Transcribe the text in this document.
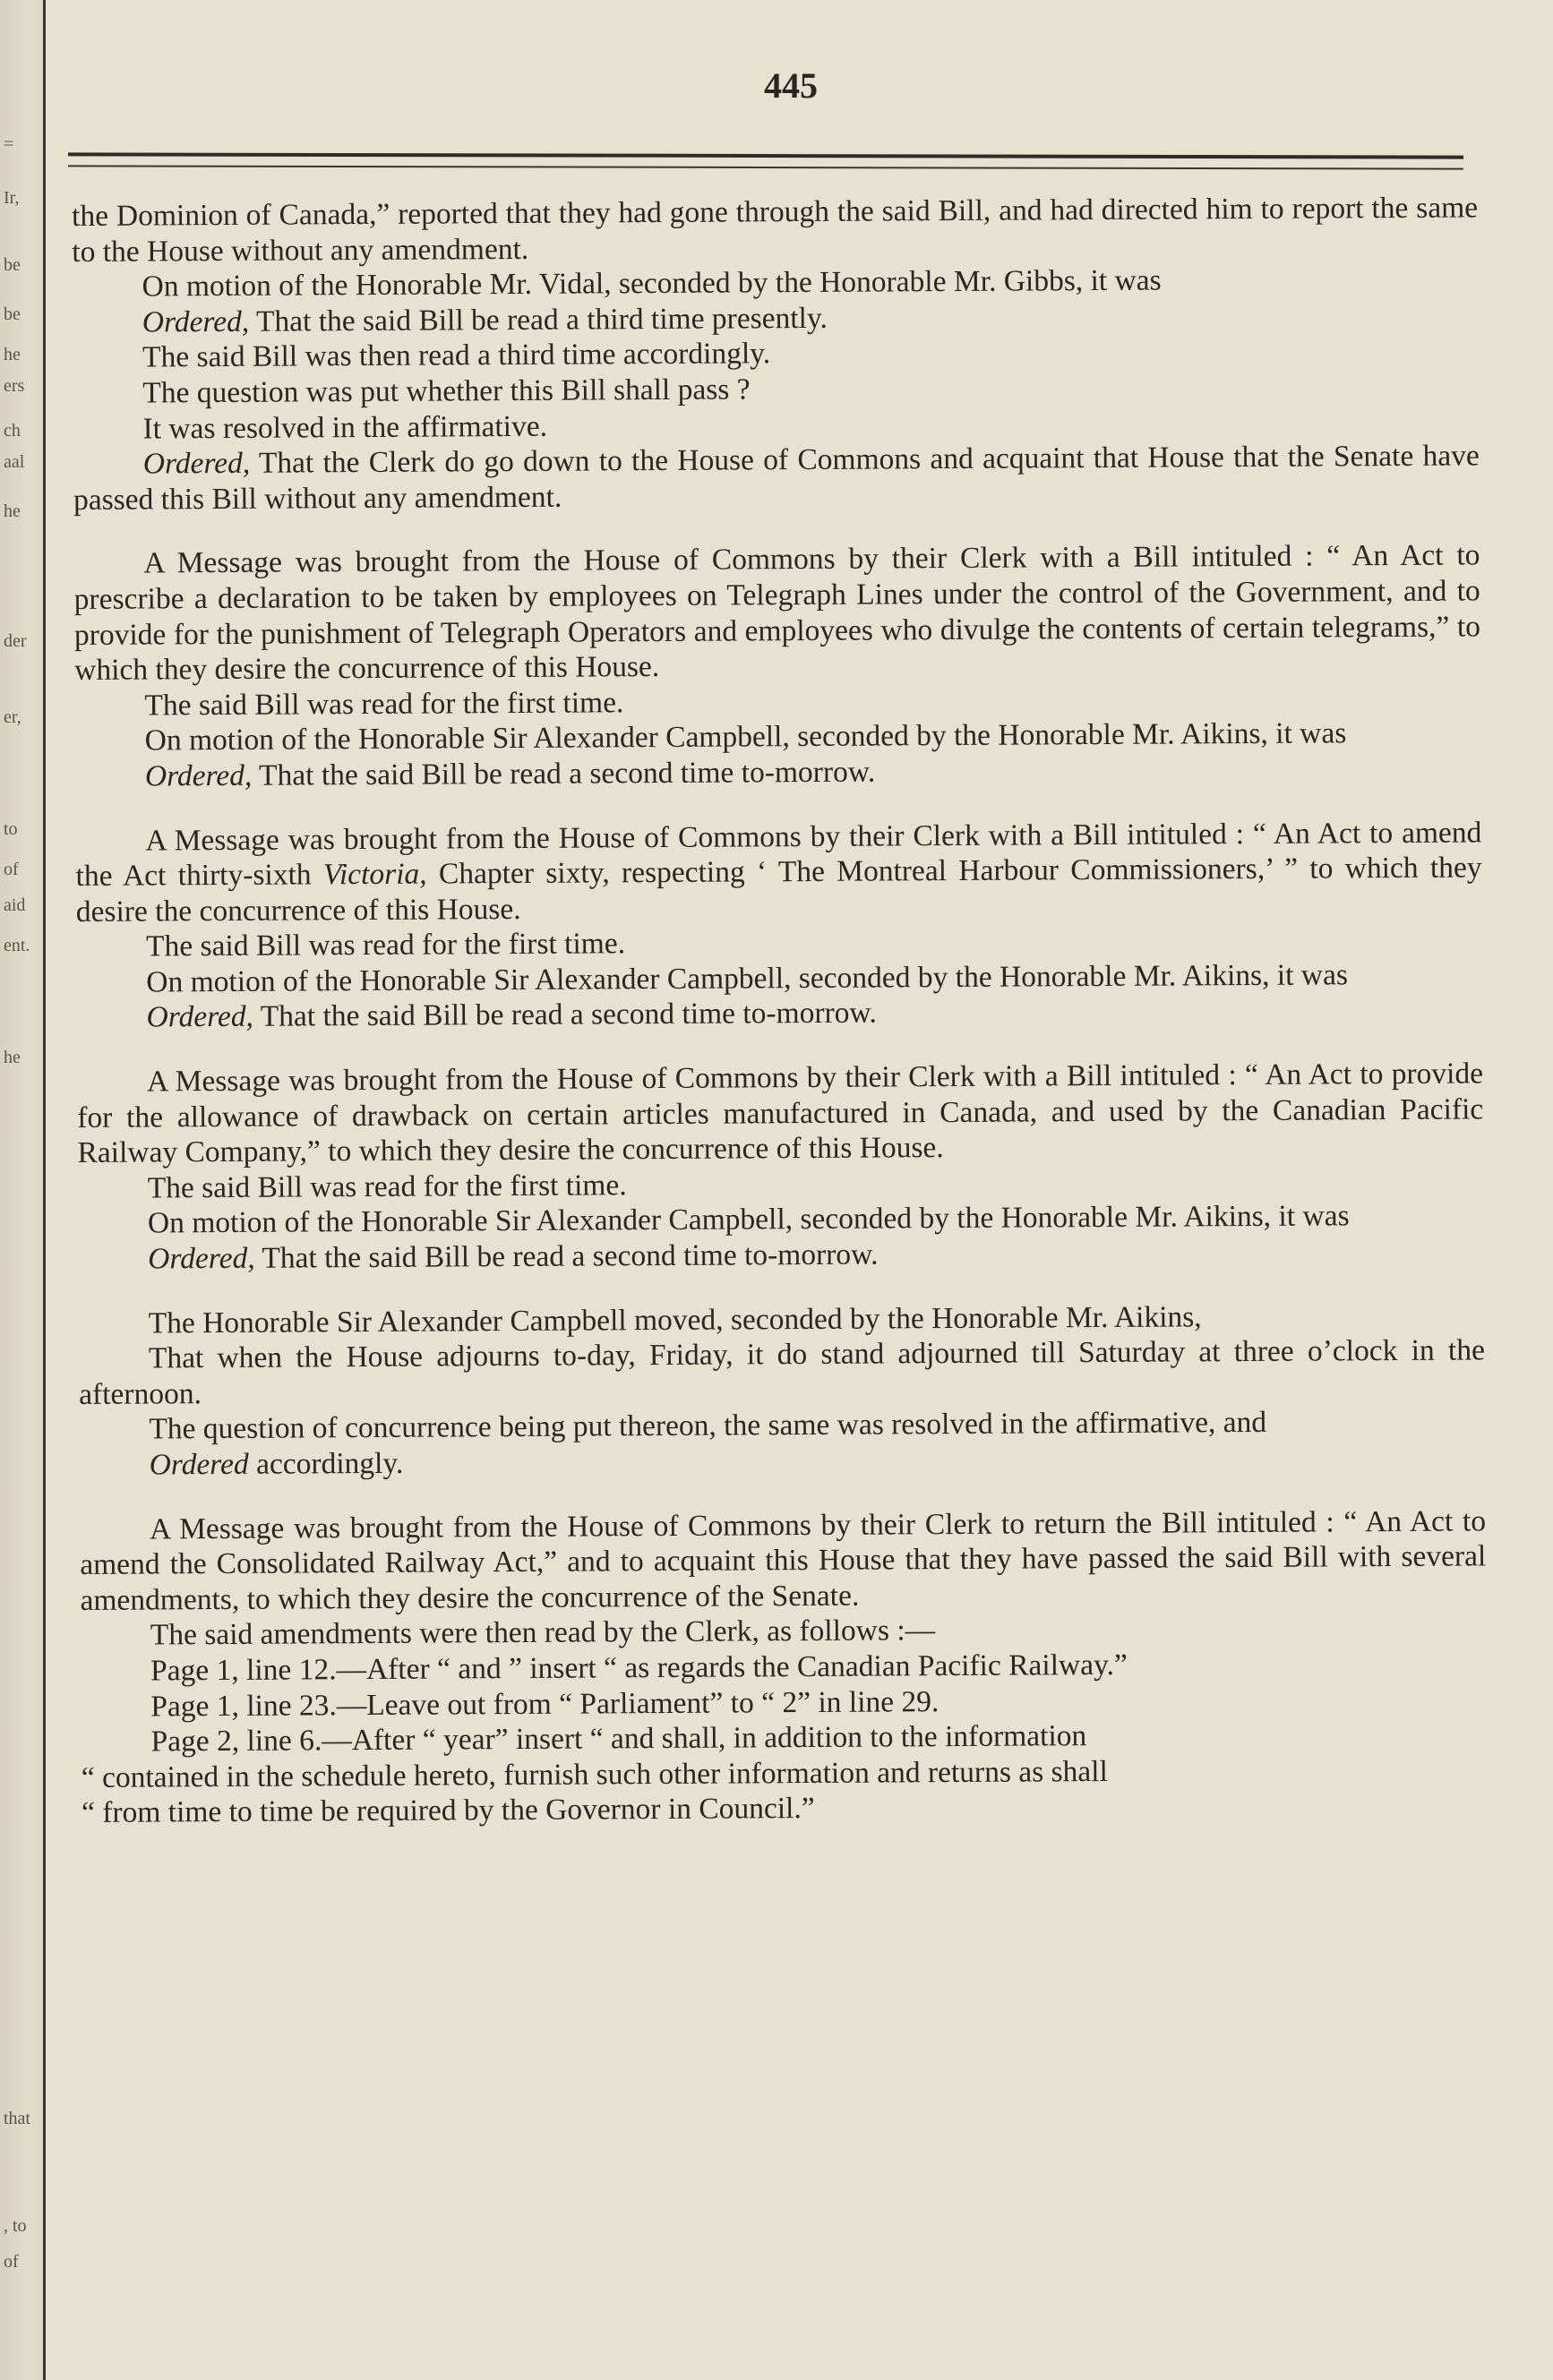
=
Ir,
be
be
he
ers
ch
aal
he
der
er,
to
of
aid
ent.
he
that
, to
of
445

the Dominion of Canada,” reported that they had gone through the said Bill, and had directed him to report the same to the House without any amendment.

On motion of the Honorable Mr. Vidal, seconded by the Honorable Mr. Gibbs, it was

Ordered, That the said Bill be read a third time presently.

The said Bill was then read a third time accordingly.

The question was put whether this Bill shall pass ?

It was resolved in the affirmative.

Ordered, That the Clerk do go down to the House of Commons and acquaint that House that the Senate have passed this Bill without any amendment.

A Message was brought from the House of Commons by their Clerk with a Bill intituled : “ An Act to prescribe a declaration to be taken by employees on Telegraph Lines under the control of the Government, and to provide for the punishment of Telegraph Operators and employees who divulge the contents of certain telegrams,” to which they desire the concurrence of this House.

The said Bill was read for the first time.

On motion of the Honorable Sir Alexander Campbell, seconded by the Honorable Mr. Aikins, it was

Ordered, That the said Bill be read a second time to-morrow.

A Message was brought from the House of Commons by their Clerk with a Bill intituled : “ An Act to amend the Act thirty-sixth Victoria, Chapter sixty, respecting ‘ The Montreal Harbour Commissioners,’ ” to which they desire the concurrence of this House.

The said Bill was read for the first time.

On motion of the Honorable Sir Alexander Campbell, seconded by the Honorable Mr. Aikins, it was

Ordered, That the said Bill be read a second time to-morrow.

A Message was brought from the House of Commons by their Clerk with a Bill intituled : “ An Act to provide for the allowance of drawback on certain articles manufactured in Canada, and used by the Canadian Pacific Railway Company,” to which they desire the concurrence of this House.

The said Bill was read for the first time.

On motion of the Honorable Sir Alexander Campbell, seconded by the Honorable Mr. Aikins, it was

Ordered, That the said Bill be read a second time to-morrow.

The Honorable Sir Alexander Campbell moved, seconded by the Honorable Mr. Aikins,

That when the House adjourns to-day, Friday, it do stand adjourned till Saturday at three o’clock in the afternoon.

The question of concurrence being put thereon, the same was resolved in the affirmative, and

Ordered accordingly.

A Message was brought from the House of Commons by their Clerk to return the Bill intituled : “ An Act to amend the Consolidated Railway Act,” and to acquaint this House that they have passed the said Bill with several amendments, to which they desire the concurrence of the Senate.

The said amendments were then read by the Clerk, as follows :—

Page 1, line 12.—After “ and ” insert “ as regards the Canadian Pacific Railway.”

Page 1, line 23.—Leave out from “ Parliament” to “ 2” in line 29.

Page 2, line 6.—After “ year” insert “ and shall, in addition to the information

“ contained in the schedule hereto, furnish such other information and returns as shall

“ from time to time be required by the Governor in Council.”
